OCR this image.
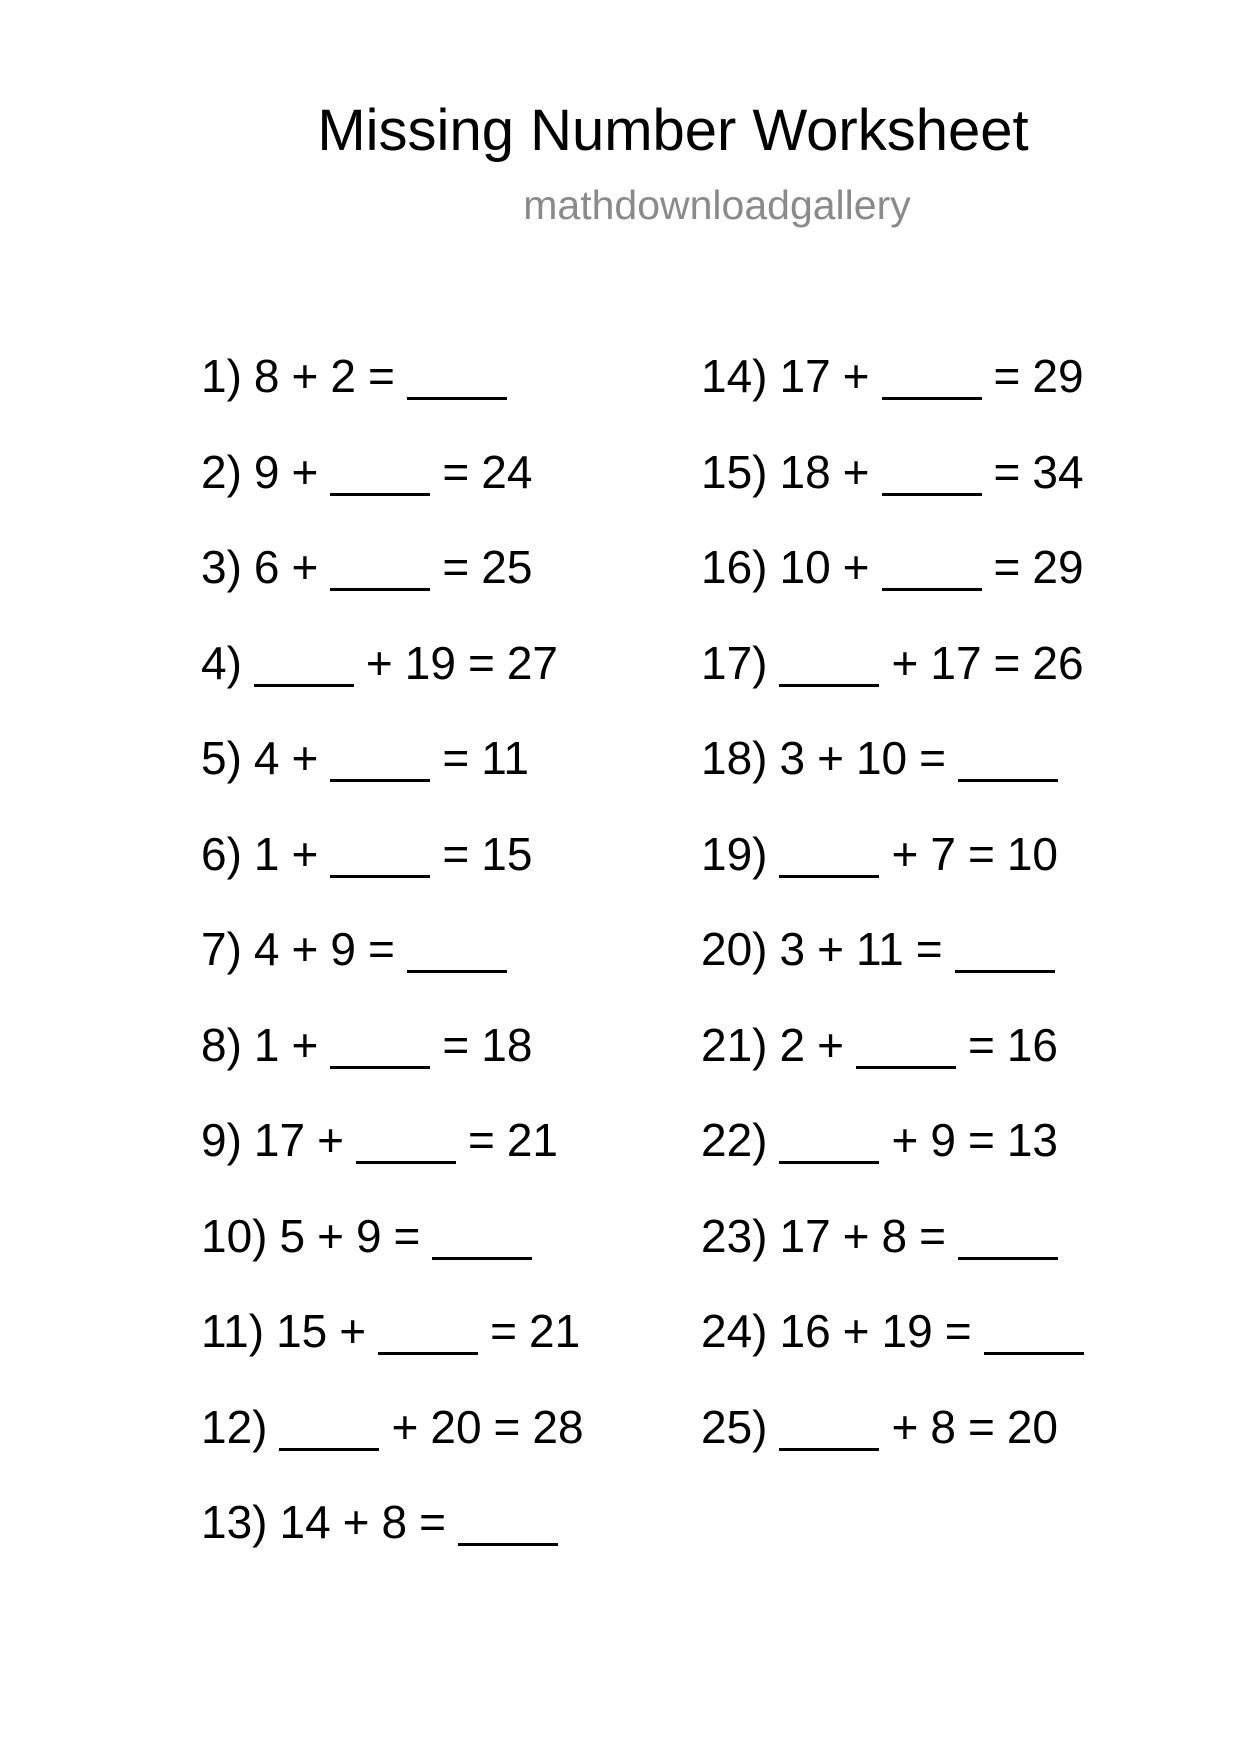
Missing Number Worksheet
mathdownloadgallery
1) 8 + 2 =
2) 9 +	= 24
3) 6 +	= 25
4)	+ 19 = 27
5) 4 +	= 11
6) 1 +	= 15
7) 4 + 9 =
8) 1 +	= 18
9) 17 +	= 21
10) 5 + 9 =
11) 15 +	= 21
12)	+ 20 = 28
13) 14 + 8 =
14) 17 +	= 29
15) 18 +	= 34
16) 10 +	= 29
17)	+ 17 = 26
18) 3 + 10 =
19)	+ 7 = 10
20) 3 + 11 =
21) 2 +	= 16
22)	+ 9 = 13
23) 17 + 8 =
24) 16 + 19 =
25)	+ 8 = 20
